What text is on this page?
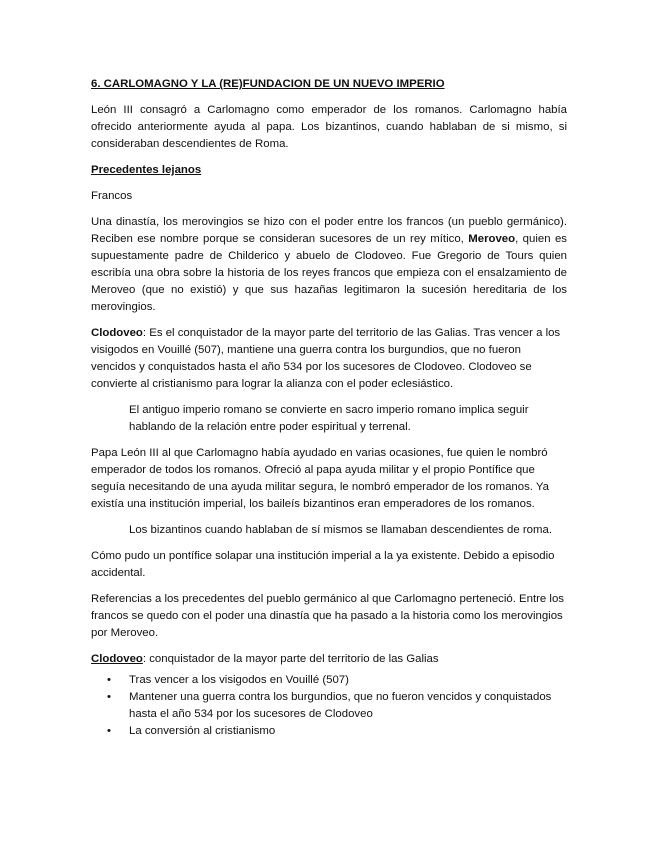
6. CARLOMAGNO Y LA (RE)FUNDACION DE UN NUEVO IMPERIO

León III consagró a Carlomagno como emperador de los romanos. Carlomagno había ofrecido anteriormente ayuda al papa. Los bizantinos, cuando hablaban de si mismo, si consideraban descendientes de Roma.

Precedentes lejanos

Francos

Una dinastía, los merovingios se hizo con el poder entre los francos (un pueblo germánico). Reciben ese nombre porque se consideran sucesores de un rey mítico, Meroveo, quien es supuestamente padre de Childerico y abuelo de Clodoveo. Fue Gregorio de Tours quien escribía una obra sobre la historia de los reyes francos que empieza con el ensalzamiento de Meroveo (que no existió) y que sus hazañas legitimaron la sucesión hereditaria de los merovingios.

Clodoveo: Es el conquistador de la mayor parte del territorio de las Galias. Tras vencer a los visigodos en Vouillé (507), mantiene una guerra contra los burgundios, que no fueron vencidos y conquistados hasta el año 534 por los sucesores de Clodoveo. Clodoveo se convierte al cristianismo para lograr la alianza con el poder eclesiástico.

El antiguo imperio romano se convierte en sacro imperio romano implica seguir hablando de la relación entre poder espiritual y terrenal.

Papa León III al que Carlomagno había ayudado en varias ocasiones, fue quien le nombró emperador de todos los romanos. Ofreció al papa ayuda militar y el propio Pontífice que seguía necesitando de una ayuda militar segura, le nombró emperador de los romanos. Ya existía una institución imperial, los baileís bizantinos eran emperadores de los romanos.

Los bizantinos cuando hablaban de sí mismos se llamaban descendientes de roma.

Cómo pudo un pontífice solapar una institución imperial a la ya existente. Debido a episodio accidental.

Referencias a los precedentes del pueblo germánico al que Carlomagno perteneció. Entre los francos se quedo con el poder una dinastía que ha pasado a la historia como los merovingios por Meroveo.

Clodoveo: conquistador de la mayor parte del territorio de las Galias

• Tras vencer a los visigodos en Vouillé (507)
• Mantener una guerra contra los burgundios, que no fueron vencidos y conquistados hasta el año 534 por los sucesores de Clodoveo
• La conversión al cristianismo
